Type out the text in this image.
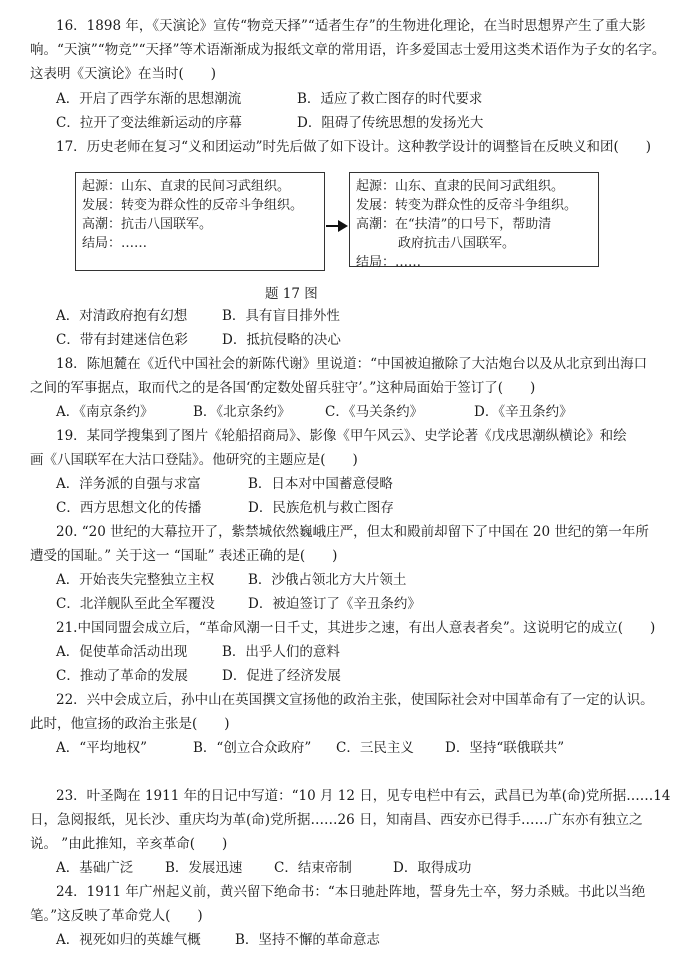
16．1898 年，《天演论》宣传“物竞天择”“适者生存”的生物进化理论，在当时思想界产生了重大影
响。“天演”“物竞”“天择”等术语渐渐成为报纸文章的常用语，许多爱国志士爱用这类术语作为子女的名字。
这表明《天演论》在当时(　　)
A．开启了西学东渐的思想潮流	B．适应了救亡图存的时代要求
C．拉开了变法维新运动的序幕	D．阻碍了传统思想的发扬光大
17．历史老师在复习“义和团运动”时先后做了如下设计。这种教学设计的调整旨在反映义和团(　　)
起源：山东、直隶的民间习武组织。
发展：转变为群众性的反帝斗争组织。
高潮：抗击八国联军。
结局：……
起源：山东、直隶的民间习武组织。
发展：转变为群众性的反帝斗争组织。
高潮：在“扶清”的口号下，帮助清
政府抗击八国联军。
结局：……
题 17 图
A．对清政府抱有幻想	B．具有盲目排外性
C．带有封建迷信色彩	D．抵抗侵略的决心
18．陈旭麓在《近代中国社会的新陈代谢》里说道：“中国被迫撤除了大沽炮台以及从北京到出海口
之间的军事据点，取而代之的是各国‘酌定数处留兵驻守’。”这种局面始于签订了(　　)
A．《南京条约》	B．《北京条约》	C．《马关条约》	D．《辛丑条约》
19．某同学搜集到了图片《轮船招商局》、影像《甲午风云》、史学论著《戊戌思潮纵横论》和绘
画《八国联军在大沽口登陆》。他研究的主题应是(　　)
A．洋务派的自强与求富	B．日本对中国蓄意侵略
C．西方思想文化的传播	D．民族危机与救亡图存
20. “20 世纪的大幕拉开了，紫禁城依然巍峨庄严，但太和殿前却留下了中国在 20 世纪的第一年所
遭受的国耻。” 关于这一 “国耻” 表述正确的是(　　)
A．开始丧失完整独立主权	B．沙俄占领北方大片领土
C．北洋舰队至此全军覆没 D．被迫签订了《辛丑条约》
21.中国同盟会成立后，“革命风潮一日千丈，其进步之速，有出人意表者矣”。这说明它的成立(　　)
A．促使革命活动出现	B．出乎人们的意料
C．推动了革命的发展	D．促进了经济发展
22．兴中会成立后，孙中山在英国撰文宣扬他的政治主张，使国际社会对中国革命有了一定的认识。
此时，他宣扬的政治主张是(　　)
A．“平均地权”	B．“创立合众政府” C．三民主义 D．坚持“联俄联共”
23．叶圣陶在 1911 年的日记中写道：“10 月 12 日，见专电栏中有云，武昌已为革(命)党所据……14
日，急阅报纸，见长沙、重庆均为革(命)党所据……26 日，知南昌、西安亦已得手……广东亦有独立之
说。 ”由此推知，辛亥革命(　　)
A．基础广泛 B．发展迅速 C．结束帝制	D．取得成功
24．1911 年广州起义前，黄兴留下绝命书：“本日驰赴阵地，誓身先士卒，努力杀贼。书此以当绝
笔。”这反映了革命党人(　　)
A．视死如归的英雄气概	B．坚持不懈的革命意志
